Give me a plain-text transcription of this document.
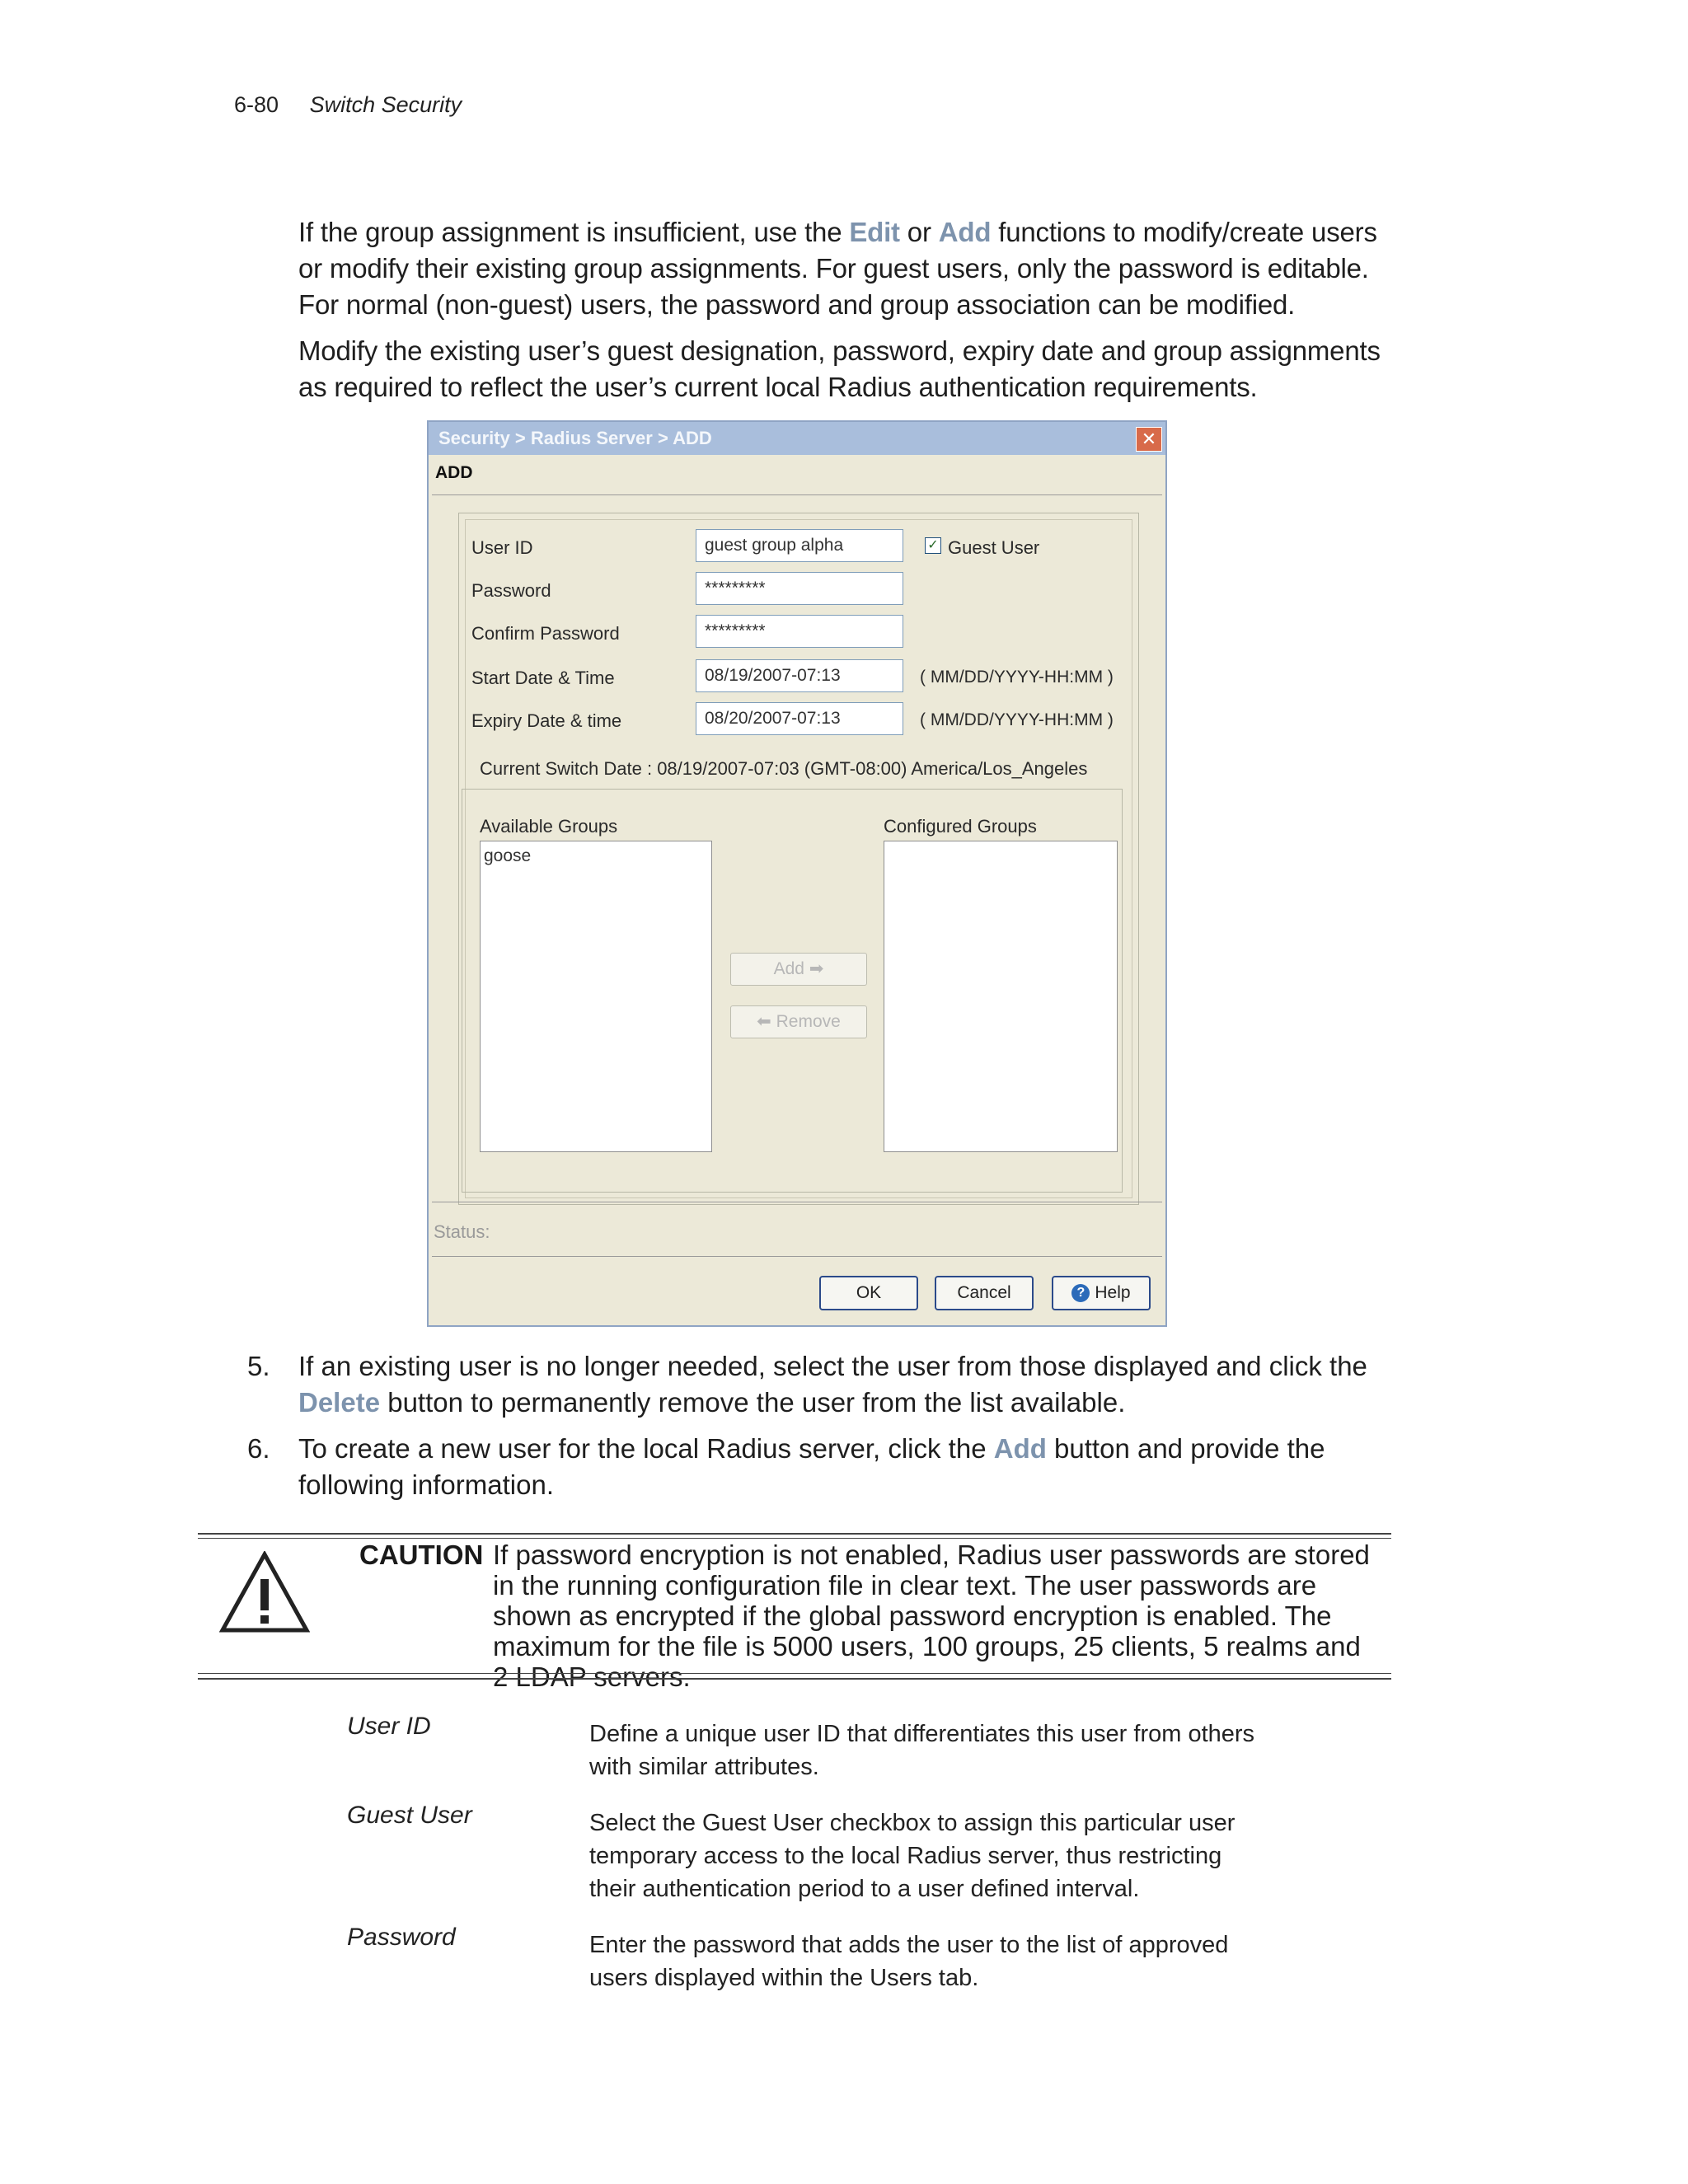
6-80 Switch Security

If the group assignment is insufficient, use the Edit or Add functions to modify/create users or modify their existing group assignments. For guest users, only the password is editable. For normal (non-guest) users, the password and group association can be modified.

Modify the existing user’s guest designation, password, expiry date and group assignments as required to reflect the user’s current local Radius authentication requirements.

Security > Radius Server > ADD	✕
ADD
User ID	guest group alpha	✓ Guest User
Password	*********
Confirm Password	*********
Start Date & Time	08/19/2007-07:13	( MM/DD/YYYY-HH:MM )
Expiry Date & time	08/20/2007-07:13	( MM/DD/YYYY-HH:MM )
Current Switch Date : 08/19/2007-07:03 (GMT-08:00) America/Los_Angeles
Available Groups
goose
Configured Groups
Add ➡
⬅ Remove
Status:
OK	Cancel	? Help
5. If an existing user is no longer needed, select the user from those displayed and click the Delete button to permanently remove the user from the list available.
6. To create a new user for the local Radius server, click the Add button and provide the following information.
CAUTION If password encryption is not enabled, Radius user passwords are stored in the running configuration file in clear text. The user passwords are shown as encrypted if the global password encryption is enabled. The maximum for the file is 5000 users, 100 groups, 25 clients, 5 realms and 2 LDAP servers.
User ID	Define a unique user ID that differentiates this user from others with similar attributes.
Guest User	Select the Guest User checkbox to assign this particular user temporary access to the local Radius server, thus restricting their authentication period to a user defined interval.
Password	Enter the password that adds the user to the list of approved users displayed within the Users tab.
